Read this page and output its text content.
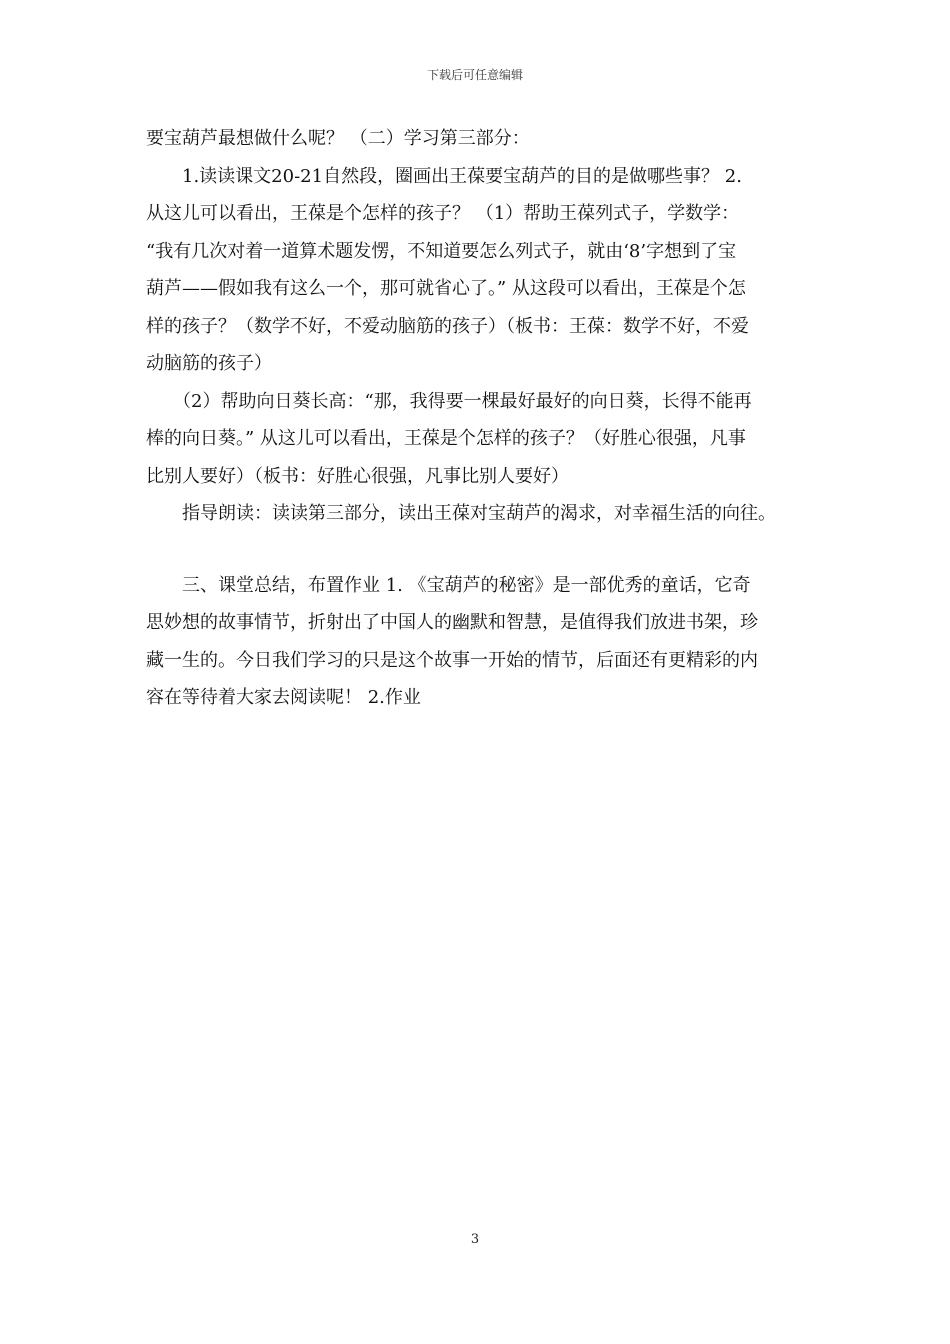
下载后可任意编辑
要宝葫芦最想做什么呢？ （二）学习第三部分：
　　1.读读课文20-21自然段，圈画出王葆要宝葫芦的目的是做哪些事？ 2.
从这儿可以看出，王葆是个怎样的孩子？ （1）帮助王葆列式子，学数学：
“我有几次对着一道算术题发愣，不知道要怎么列式子，就由‘8’字想到了宝
葫芦——假如我有这么一个，那可就省心了。” 从这段可以看出，王葆是个怎
样的孩子？（数学不好，不爱动脑筋的孩子）（板书：王葆：数学不好，不爱
动脑筋的孩子）
　　（2）帮助向日葵长高：“那，我得要一棵最好最好的向日葵，长得不能再
棒的向日葵。” 从这儿可以看出，王葆是个怎样的孩子？（好胜心很强，凡事
比别人要好）（板书：好胜心很强，凡事比别人要好）
　　指导朗读：读读第三部分，读出王葆对宝葫芦的渴求，对幸福生活的向往。
　　三、课堂总结，布置作业 1. 《宝葫芦的秘密》是一部优秀的童话，它奇
思妙想的故事情节，折射出了中国人的幽默和智慧，是值得我们放进书架，珍
藏一生的。今日我们学习的只是这个故事一开始的情节，后面还有更精彩的内
容在等待着大家去阅读呢！ 2.作业
3
